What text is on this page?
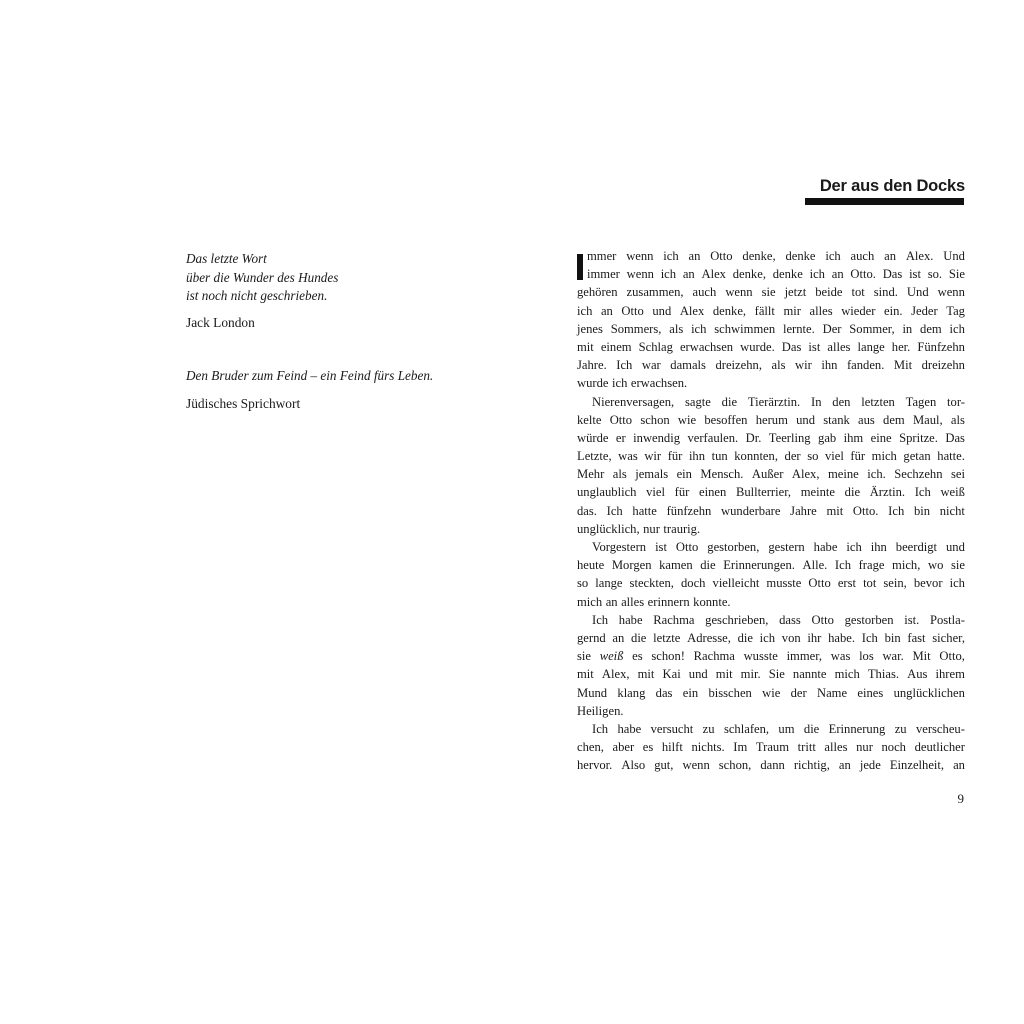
Das letzte Wort
über die Wunder des Hundes
ist noch nicht geschrieben.

Jack London

Den Bruder zum Feind – ein Feind fürs Leben.

Jüdisches Sprichwort

Der aus den Docks
mmer wenn ich an Otto denke, denke ich auch an Alex. Und
immer wenn ich an Alex denke, denke ich an Otto. Das ist so. Sie
gehören zusammen, auch wenn sie jetzt beide tot sind. Und wenn
ich an Otto und Alex denke, fällt mir alles wieder ein. Jeder Tag
jenes Sommers, als ich schwimmen lernte. Der Sommer, in dem ich
mit einem Schlag erwachsen wurde. Das ist alles lange her. Fünfzehn
Jahre. Ich war damals dreizehn, als wir ihn fanden. Mit dreizehn
wurde ich erwachsen.
Nierenversagen, sagte die Tierärztin. In den letzten Tagen tor-
kelte Otto schon wie besoffen herum und stank aus dem Maul, als
würde er inwendig verfaulen. Dr. Teerling gab ihm eine Spritze. Das
Letzte, was wir für ihn tun konnten, der so viel für mich getan hatte.
Mehr als jemals ein Mensch. Außer Alex, meine ich. Sechzehn sei
unglaublich viel für einen Bullterrier, meinte die Ärztin. Ich weiß
das. Ich hatte fünfzehn wunderbare Jahre mit Otto. Ich bin nicht
unglücklich, nur traurig.
Vorgestern ist Otto gestorben, gestern habe ich ihn beerdigt und
heute Morgen kamen die Erinnerungen. Alle. Ich frage mich, wo sie
so lange steckten, doch vielleicht musste Otto erst tot sein, bevor ich
mich an alles erinnern konnte.
Ich habe Rachma geschrieben, dass Otto gestorben ist. Postla-
gernd an die letzte Adresse, die ich von ihr habe. Ich bin fast sicher,
sie weiß es schon! Rachma wusste immer, was los war. Mit Otto,
mit Alex, mit Kai und mit mir. Sie nannte mich Thias. Aus ihrem
Mund klang das ein bisschen wie der Name eines unglücklichen
Heiligen.
Ich habe versucht zu schlafen, um die Erinnerung zu verscheu-
chen, aber es hilft nichts. Im Traum tritt alles nur noch deutlicher
hervor. Also gut, wenn schon, dann richtig, an jede Einzelheit, an

9
